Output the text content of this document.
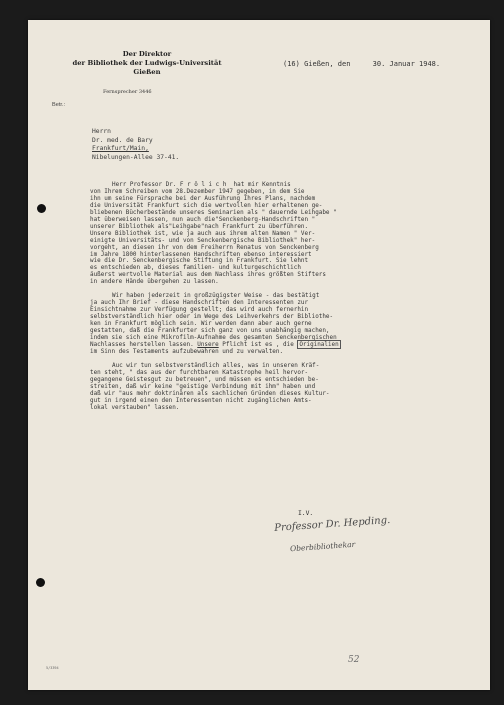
Der Direktor
der Bibliothek der Ludwigs-Universität
Gießen
Fernsprecher 3446
(16) Gießen, den	30. Januar 1948.
Betr.:
Herrn
Dr. med. de Bary
Frankfurt/Main,
Nibelungen-Allee 37-41.
Herr Professor Dr. F r ö l i c h  hat mir Kenntnis
von Ihrem Schreiben vom 28.Dezember 1947 gegeben, in dem Sie
ihn um seine Fürsprache bei der Ausführung Ihres Plans, nachdem
die Universität Frankfurt sich die wertvollen hier erhaltenen ge-
bliebenen Bücherbestände unseres Seminarien als " dauernde Leihgabe "
hat überweisen lassen, nun auch die"Senckenberg-Handschriften "
unserer Bibliothek als"Leihgabe"nach Frankfurt zu überführen.
Unsere Bibliothek ist, wie ja auch aus ihrem alten Namen " Ver-
einigte Universitäts- und von Senckenbergische Bibliothek" her-
vorgeht, an diesen ihr von dem Freiherrn Renatus von Senckenberg
im Jahre 1800 hinterlassenen Handschriften ebenso interessiert
wie die Dr. Senckenbergische Stiftung in Frankfurt. Sie lehnt
es entschieden ab, dieses familien- und kulturgeschichtlich
äußerst wertvolle Material aus dem Nachlass ihres größten Stifters
in andere Hände übergehen zu lassen.
Wir haben jederzeit in großzügigster Weise - das bestätigt
ja auch Ihr Brief - diese Handschriften den Interessenten zur
Einsichtnahme zur Verfügung gestellt; das wird auch fernerhin
selbstverständlich hier oder im Wege des Leihverkehrs der Bibliothe-
ken in Frankfurt möglich sein. Wir werden dann aber auch gerne
gestatten, daß die Frankfurter sich ganz von uns unabhängig machen,
indem sie sich eine Mikrofilm-Aufnahme des gesamten Senckenbergischen
Nachlasses herstellen lassen. Unsere Pflicht ist es , die Originalien
im Sinn des Testaments aufzubewahren und zu verwalten.
Auc wir tun selbstverständlich alles, was in unseren Kräf-
ten steht, " das aus der furchtbaren Katastrophe heil hervor-
gegangene Geistesgut zu betreuen", und müssen es entschieden be-
streiten, daß wir keine "geistige Verbindung mit ihm" haben und
daß wir "aus mehr doktrinären als sachlichen Gründen dieses Kultur-
gut in irgend einen den Interessenten nicht zugänglichen Amts-
lokal verstauben" lassen.
I.V.
Professor Dr. Hepding.
Oberbibliothekar
5/3394
52
